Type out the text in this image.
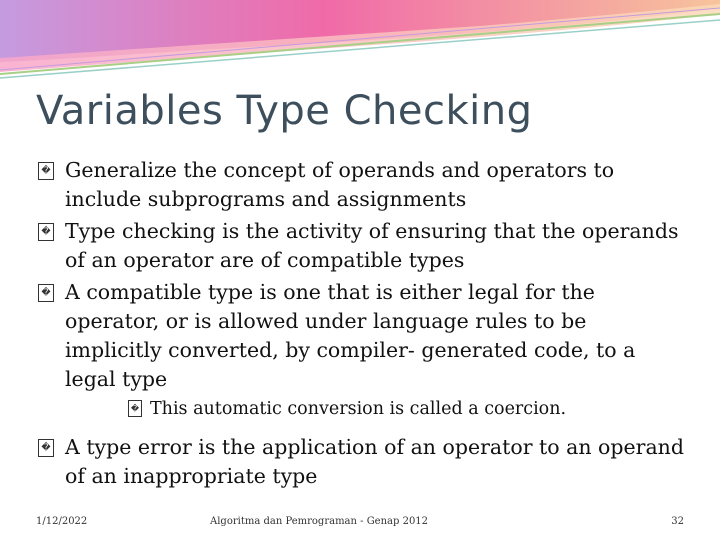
Variables Type Checking
� Generalize the concept of operands and operators to include subprograms and assignments
� Type checking is the activity of ensuring that the operands of an operator are of compatible types
� A compatible type is one that is either legal for the operator, or is allowed under language rules to be implicitly converted, by compiler- generated code, to a legal type
� This automatic conversion is called a coercion.
� A type error is the application of an operator to an operand of an inappropriate type
1/12/2022	Algoritma dan Pemrograman - Genap 2012	32
